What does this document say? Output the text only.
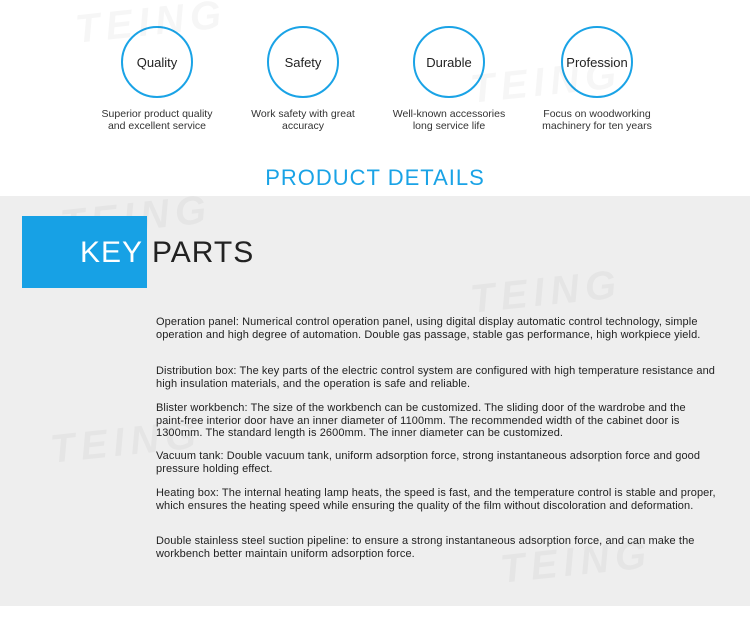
Quality
Superior product quality
and excellent service
Safety
Work safety with great
accuracy
Durable
Well-known accessories
long service life
Profession
Focus on woodworking
machinery for ten years
PRODUCT DETAILS
KEY PARTS
Operation panel: Numerical control operation panel, using digital display automatic control technology, simple operation and high degree of automation. Double gas passage, stable gas performance, high workpiece yield.
Distribution box: The key parts of the electric control system are configured with high temperature resistance and high insulation materials, and the operation is safe and reliable.
Blister workbench: The size of the workbench can be customized. The sliding door of the wardrobe and the paint-free interior door have an inner diameter of 1100mm. The recommended width of the cabinet door is 1300mm. The standard length is 2600mm. The inner diameter can be customized.
Vacuum tank: Double vacuum tank, uniform adsorption force, strong instantaneous adsorption force and good pressure holding effect.
Heating box: The internal heating lamp heats, the speed is fast, and the temperature control is stable and proper, which ensures the heating speed while ensuring the quality of the film without discoloration and deformation.
Double stainless steel suction pipeline: to ensure a strong instantaneous adsorption force, and can make the workbench better maintain uniform adsorption force.
